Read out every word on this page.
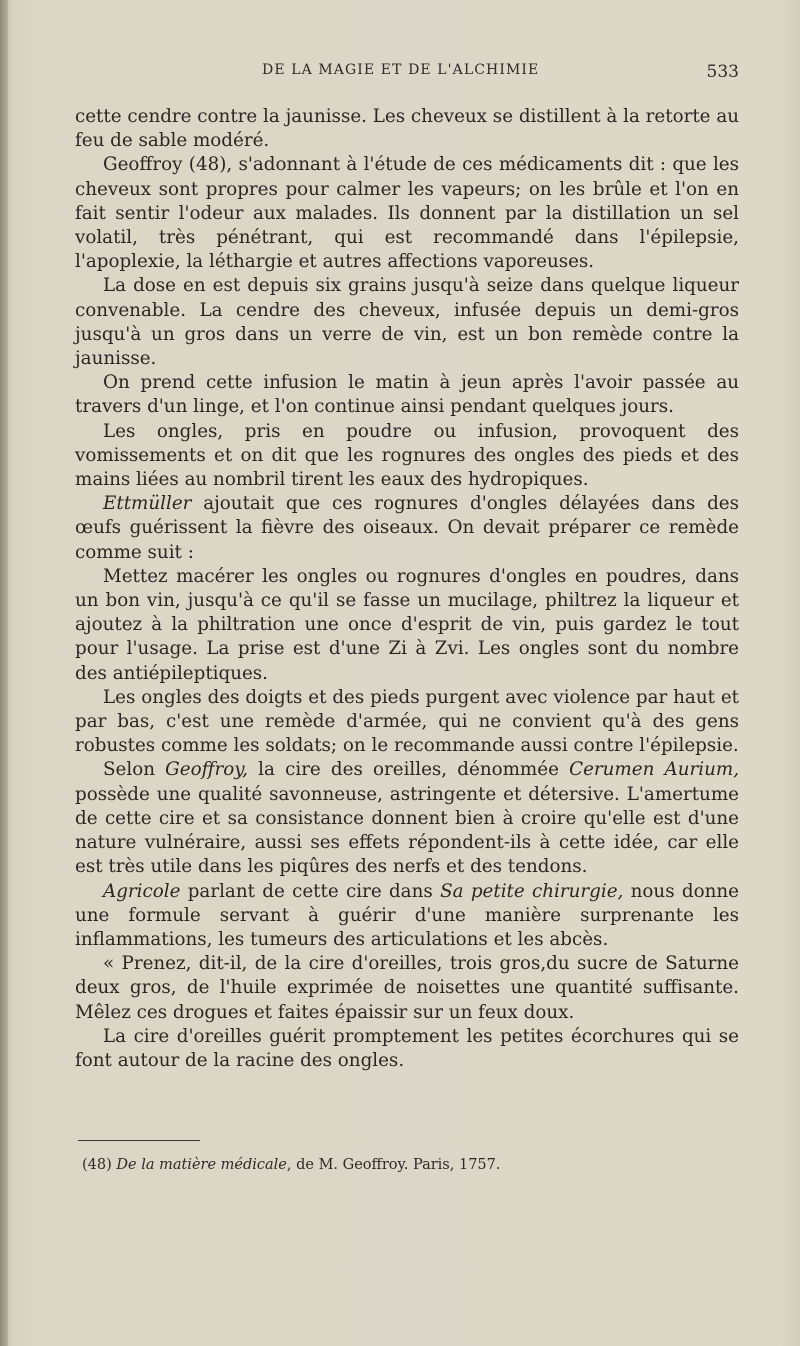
DE LA MAGIE ET DE L'ALCHIMIE	533

cette cendre contre la jaunisse. Les cheveux se distillent à la retorte au feu de sable modéré.

Geoffroy (48), s'adonnant à l'étude de ces médicaments dit : que les cheveux sont propres pour calmer les vapeurs; on les brûle et l'on en fait sentir l'odeur aux malades. Ils donnent par la distillation un sel volatil, très pénétrant, qui est recommandé dans l'épilepsie, l'apoplexie, la léthargie et autres affections vaporeuses.

La dose en est depuis six grains jusqu'à seize dans quelque liqueur convenable. La cendre des cheveux, infusée depuis un demi-gros jusqu'à un gros dans un verre de vin, est un bon remède contre la jaunisse.

On prend cette infusion le matin à jeun après l'avoir passée au travers d'un linge, et l'on continue ainsi pendant quelques jours.

Les ongles, pris en poudre ou infusion, provoquent des vomissements et on dit que les rognures des ongles des pieds et des mains liées au nombril tirent les eaux des hydropiques.

Ettmüller ajoutait que ces rognures d'ongles délayées dans des œufs guérissent la fièvre des oiseaux. On devait préparer ce remède comme suit :

Mettez macérer les ongles ou rognures d'ongles en poudres, dans un bon vin, jusqu'à ce qu'il se fasse un mucilage, philtrez la liqueur et ajoutez à la philtration une once d'esprit de vin, puis gardez le tout pour l'usage. La prise est d'une Zi à Zvi. Les ongles sont du nombre des antiépileptiques.

Les ongles des doigts et des pieds purgent avec violence par haut et par bas, c'est une remède d'armée, qui ne convient qu'à des gens robustes comme les soldats; on le recommande aussi contre l'épilepsie.

Selon Geoffroy, la cire des oreilles, dénommée Cerumen Aurium, possède une qualité savonneuse, astringente et détersive. L'amertume de cette cire et sa consistance donnent bien à croire qu'elle est d'une nature vulnéraire, aussi ses effets répondent-ils à cette idée, car elle est très utile dans les piqûres des nerfs et des tendons.

Agricole parlant de cette cire dans Sa petite chirurgie, nous donne une formule servant à guérir d'une manière surprenante les inflammations, les tumeurs des articulations et les abcès.

« Prenez, dit-il, de la cire d'oreilles, trois gros,du sucre de Saturne deux gros, de l'huile exprimée de noisettes une quantité suffisante. Mêlez ces drogues et faites épaissir sur un feux doux.

La cire d'oreilles guérit promptement les petites écorchures qui se font autour de la racine des ongles.

(48) De la matière médicale, de M. Geoffroy. Paris, 1757.
